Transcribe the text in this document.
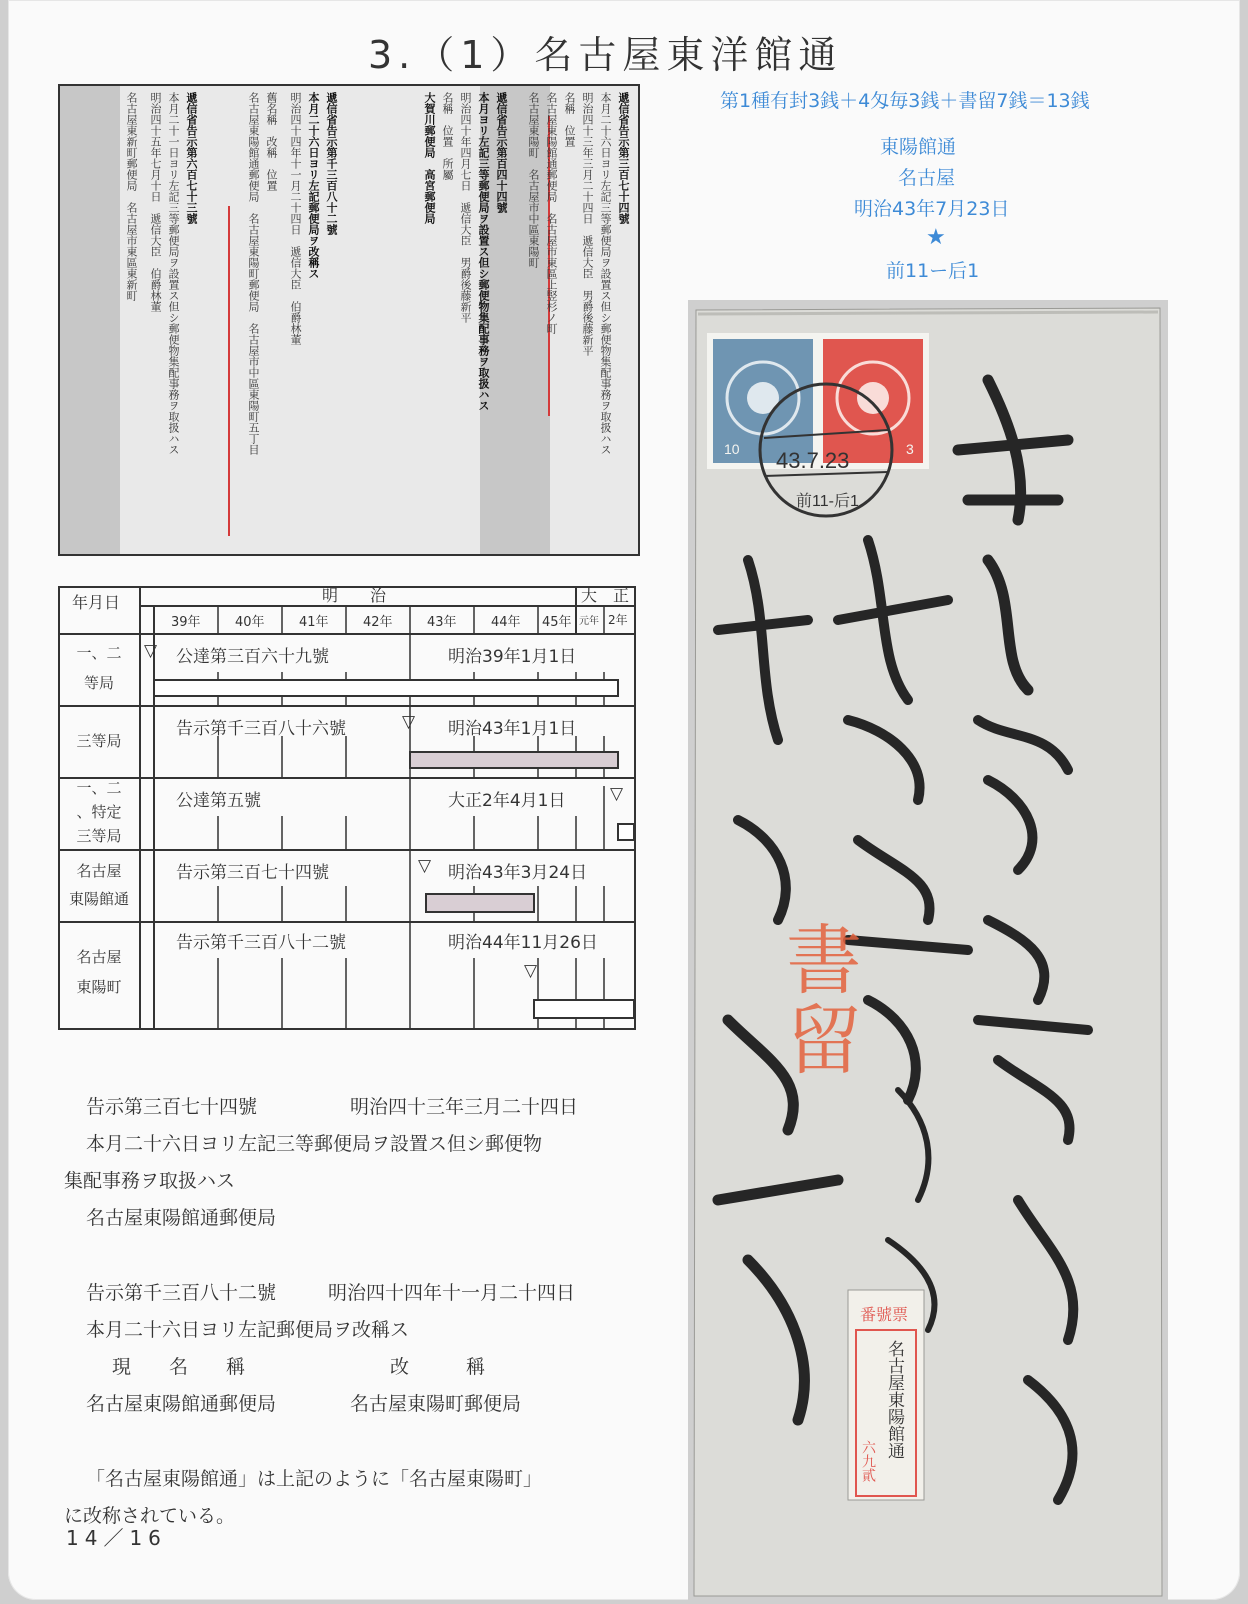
3.（1）名古屋東洋館通
第1種有封3銭＋4匁毎3銭＋書留7銭＝13銭
東陽館通
名古屋
明治43年7月23日
★
前11ー后1
遞信省告示第三百七十四號
本月二十六日ヨリ左記三等郵便局ヲ設置ス但シ郵便物集配事務ヲ取扱ハス
明治四十三年三月二十四日　遞信大臣　男爵後藤新平
名稱　位置
名古屋東陽館通郵便局　名古屋市東區上竪杉ノ町
名古屋東陽町　名古屋市中區東陽町
遞信省告示第百四十四號
本月ヨリ左記三等郵便局ヲ設置ス但シ郵便物集配事務ヲ取扱ハス
明治四十年四月七日　遞信大臣　男爵後藤新平
名稱　位置　所屬
大賀川郵便局　高宮郵便局
遞信省告示第千三百八十二號
本月二十六日ヨリ左記郵便局ヲ改稱ス
明治四十四年十一月二十四日　遞信大臣　伯爵林董
舊名稱　改稱　位置
名古屋東陽館通郵便局　名古屋東陽町郵便局　名古屋市中區東陽町五丁目
遞信省告示第六百七十三號
本月二十一日ヨリ左記三等郵便局ヲ設置ス但シ郵便物集配事務ヲ取扱ハス
明治四十五年七月十日　遞信大臣　伯爵林董
名古屋東新町郵便局　名古屋市東區東新町
年月日	明　　治	大　正
39年	40年	41年	42年	43年	44年 45年 元年 2年
一、二
等局
▽ 公達第三百六十九號	明治39年1月1日
三等局
告示第千三百八十六號	▽ 明治43年1月1日
一、二
、特定
三等局
公達第五號	大正2年4月1日	▽
名古屋
東陽館通
告示第三百七十四號	▽ 明治43年3月24日
名古屋
東陽町
告示第千三百八十二號	明治44年11月26日
▽
告示第三百七十四號	明治四十三年三月二十四日
本月二十六日ヨリ左記三等郵便局ヲ設置ス但シ郵便物
集配事務ヲ取扱ハス
名古屋東陽館通郵便局
告示第千三百八十二號	明治四十四年十一月二十四日
本月二十六日ヨリ左記郵便局ヲ改稱ス
現　　名　　稱	改　　　稱
名古屋東陽館通郵便局	名古屋東陽町郵便局
「名古屋東陽館通」は上記のように「名古屋東陽町」
に改称されている。
14／16
10	3
43.7.23
前11-后1
書留
番號票
名古屋東陽館通
六九貳
